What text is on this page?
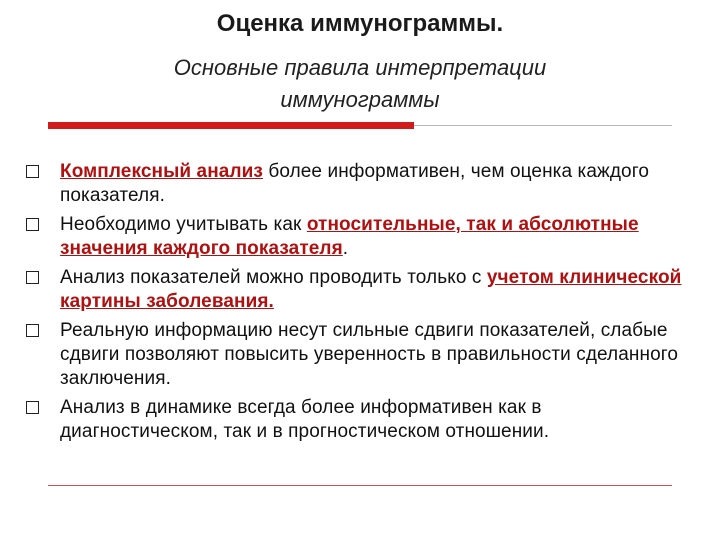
Оценка иммунограммы.
Основные правила интерпретации иммунограммы
Комплексный анализ более информативен, чем оценка каждого показателя.
Необходимо учитывать как относительные, так и абсолютные значения каждого показателя.
Анализ показателей можно проводить только с учетом клинической картины заболевания.
Реальную информацию несут сильные сдвиги показателей, слабые сдвиги позволяют повысить уверенность в правильности сделанного заключения.
Анализ в динамике всегда более информативен как в диагностическом, так и в прогностическом отношении.
